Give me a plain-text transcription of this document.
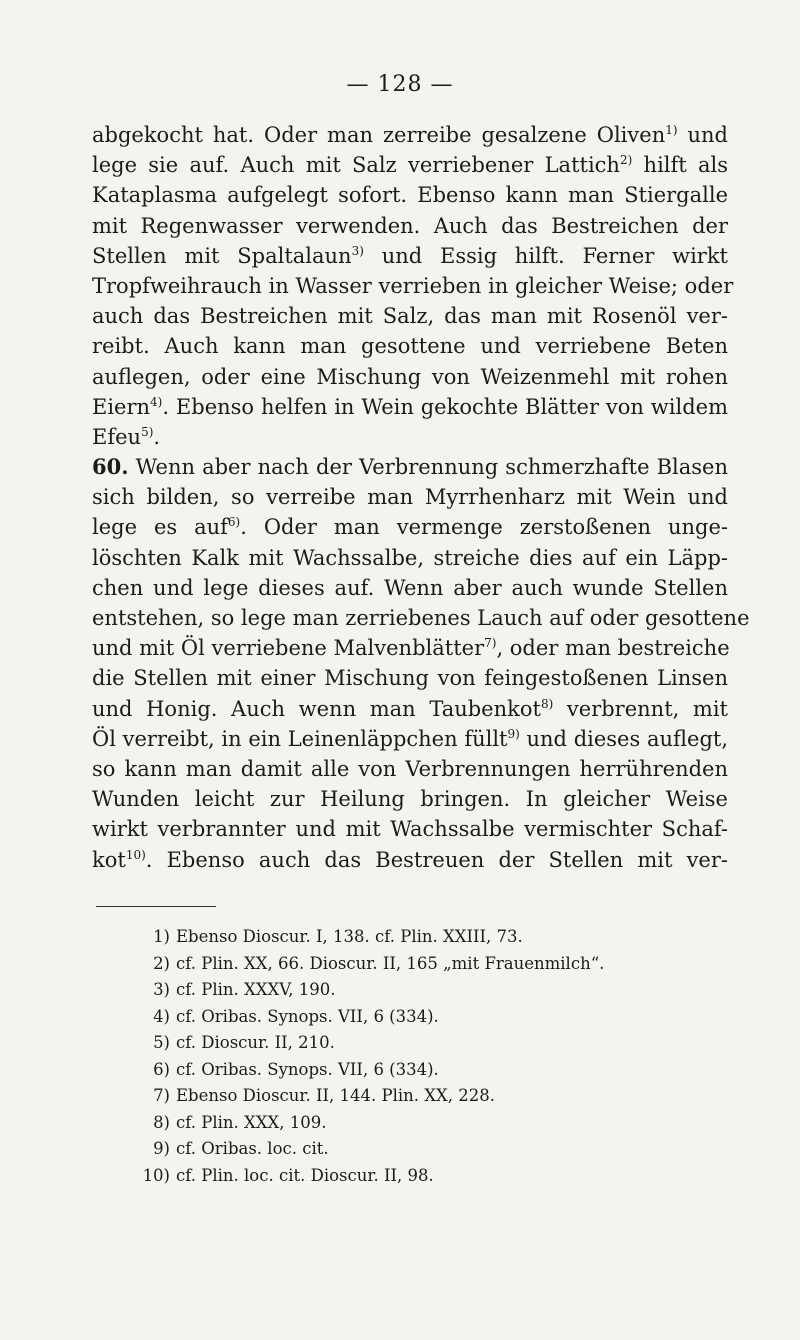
— 128 —
abgekocht hat. Oder man zerreibe gesalzene Oliven$^{1)}$ und
lege sie auf. Auch mit Salz verriebener Lattich$^{2)}$ hilft als
Kataplasma aufgelegt sofort. Ebenso kann man Stiergalle
mit Regenwasser verwenden. Auch das Bestreichen der
Stellen mit Spaltalaun$^{3)}$ und Essig hilft. Ferner wirkt
Tropfweihrauch in Wasser verrieben in gleicher Weise; oder
auch das Bestreichen mit Salz, das man mit Rosenöl ver-
reibt. Auch kann man gesottene und verriebene Beten
auflegen, oder eine Mischung von Weizenmehl mit rohen
Eiern$^{4)}$. Ebenso helfen in Wein gekochte Blätter von wildem
Efeu$^{5)}$.
60. Wenn aber nach der Verbrennung schmerzhafte Blasen
sich bilden, so verreibe man Myrrhenharz mit Wein und
lege es auf$^{6)}$. Oder man vermenge zerstoßenen unge-
löschten Kalk mit Wachssalbe, streiche dies auf ein Läpp-
chen und lege dieses auf. Wenn aber auch wunde Stellen
entstehen, so lege man zerriebenes Lauch auf oder gesottene
und mit Öl verriebene Malvenblätter$^{7)}$, oder man bestreiche
die Stellen mit einer Mischung von feingestoßenen Linsen
und Honig. Auch wenn man Taubenkot$^{8)}$ verbrennt, mit
Öl verreibt, in ein Leinenläppchen füllt$^{9)}$ und dieses auflegt,
so kann man damit alle von Verbrennungen herrührenden
Wunden leicht zur Heilung bringen. In gleicher Weise
wirkt verbrannter und mit Wachssalbe vermischter Schaf-
kot$^{10)}$. Ebenso auch das Bestreuen der Stellen mit ver-
1) Ebenso Dioscur. I, 138. cf. Plin. XXIII, 73.
2) cf. Plin. XX, 66. Dioscur. II, 165 „mit Frauenmilch“.
3) cf. Plin. XXXV, 190.
4) cf. Oribas. Synops. VII, 6 (334).
5) cf. Dioscur. II, 210.
6) cf. Oribas. Synops. VII, 6 (334).
7) Ebenso Dioscur. II, 144. Plin. XX, 228.
8) cf. Plin. XXX, 109.
9) cf. Oribas. loc. cit.
10) cf. Plin. loc. cit. Dioscur. II, 98.
